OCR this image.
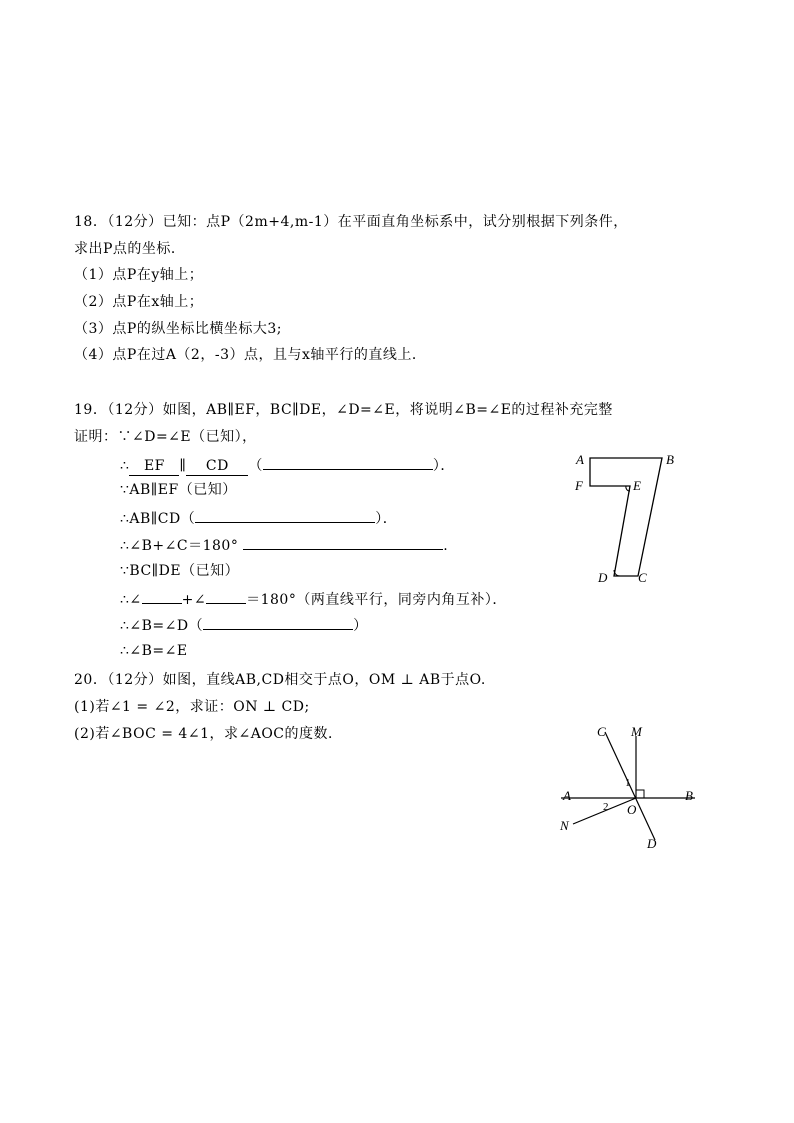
18．（12分）已知：点P（2m+4,m-1）在平面直角坐标系中，试分别根据下列条件，
求出P点的坐标．
（1）点P在y轴上；
（2）点P在x轴上；
（3）点P的纵坐标比横坐标大3;
（4）点P在过A（2，-3）点，且与x轴平行的直线上．
19．（12分）如图，AB∥EF，BC∥DE，∠D=∠E，将说明∠B=∠E的过程补充完整
证明：∵∠D=∠E（已知），
∴ EF ∥ CD （	）．
∵AB∥EF（已知）
∴AB∥CD（	）．
∴∠B+∠C＝180°	.
∵BC∥DE（已知）
∴∠	+∠	＝180°（两直线平行，同旁内角互补）．
∴∠B=∠D（	）
∴∠B=∠E
A	B
F	E
D C
20．（12分）如图，直线AB,CD相交于点O，OM ⊥ AB于点O.
(1)若∠1 = ∠2，求证：ON ⊥ CD;
(2)若∠BOC = 4∠1，求∠AOC的度数．	C M
A	B
N
O
D
1
2
